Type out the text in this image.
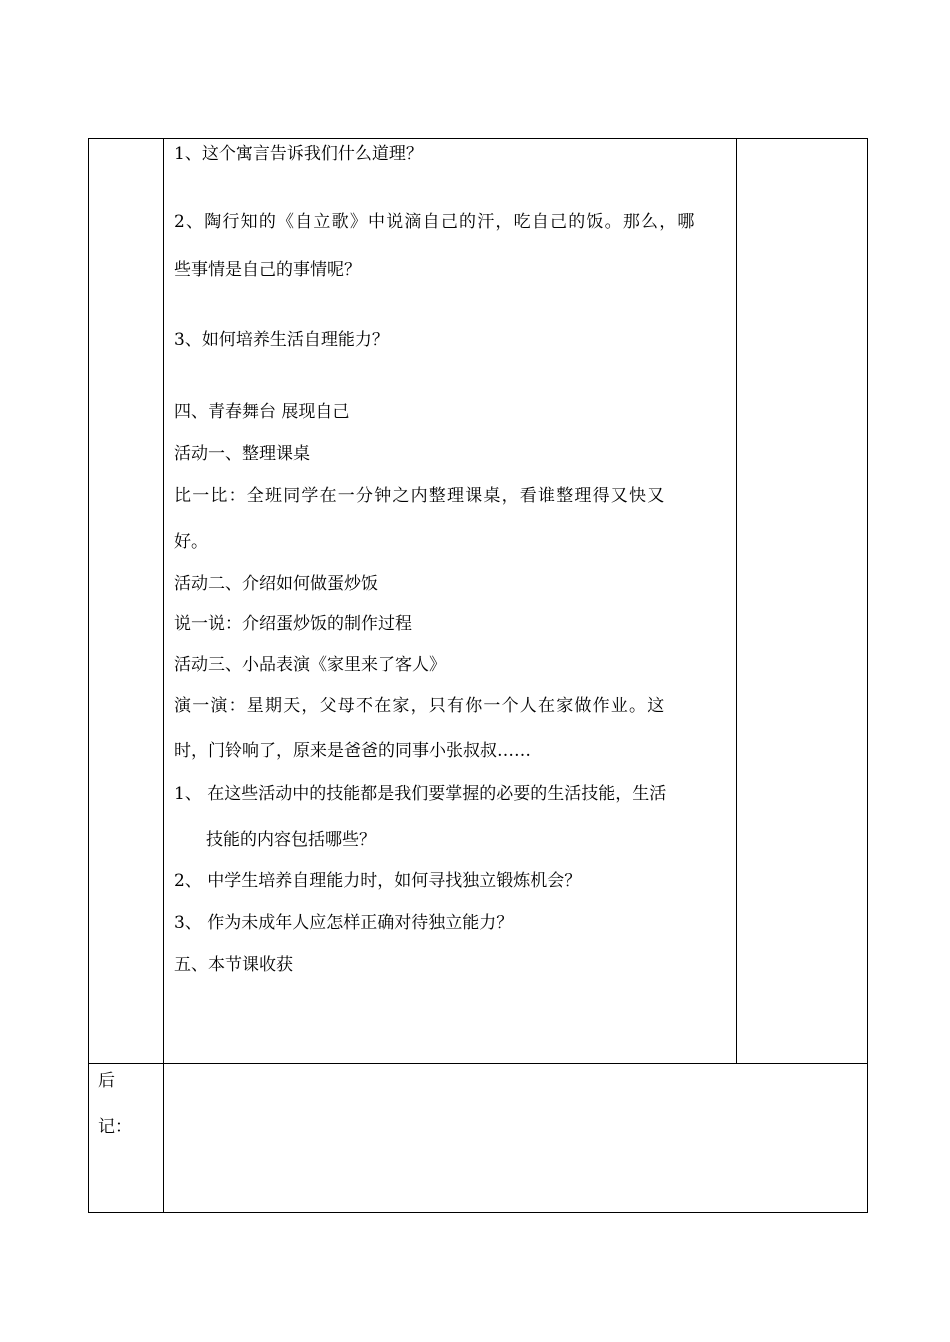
1、这个寓言告诉我们什么道理？
2、陶行知的《自立歌》中说滴自己的汗，吃自己的饭。那么，哪
些事情是自己的事情呢？
3、如何培养生活自理能力？
四、青春舞台 展现自己
活动一、整理课桌
比一比：全班同学在一分钟之内整理课桌，看谁整理得又快又
好。
活动二、介绍如何做蛋炒饭
说一说：介绍蛋炒饭的制作过程
活动三、小品表演《家里来了客人》
演一演：星期天，父母不在家，只有你一个人在家做作业。这
时，门铃响了，原来是爸爸的同事小张叔叔……
1、 在这些活动中的技能都是我们要掌握的必要的生活技能，生活
技能的内容包括哪些？
2、 中学生培养自理能力时，如何寻找独立锻炼机会？
3、 作为未成年人应怎样正确对待独立能力？
五、本节课收获
后
记：
